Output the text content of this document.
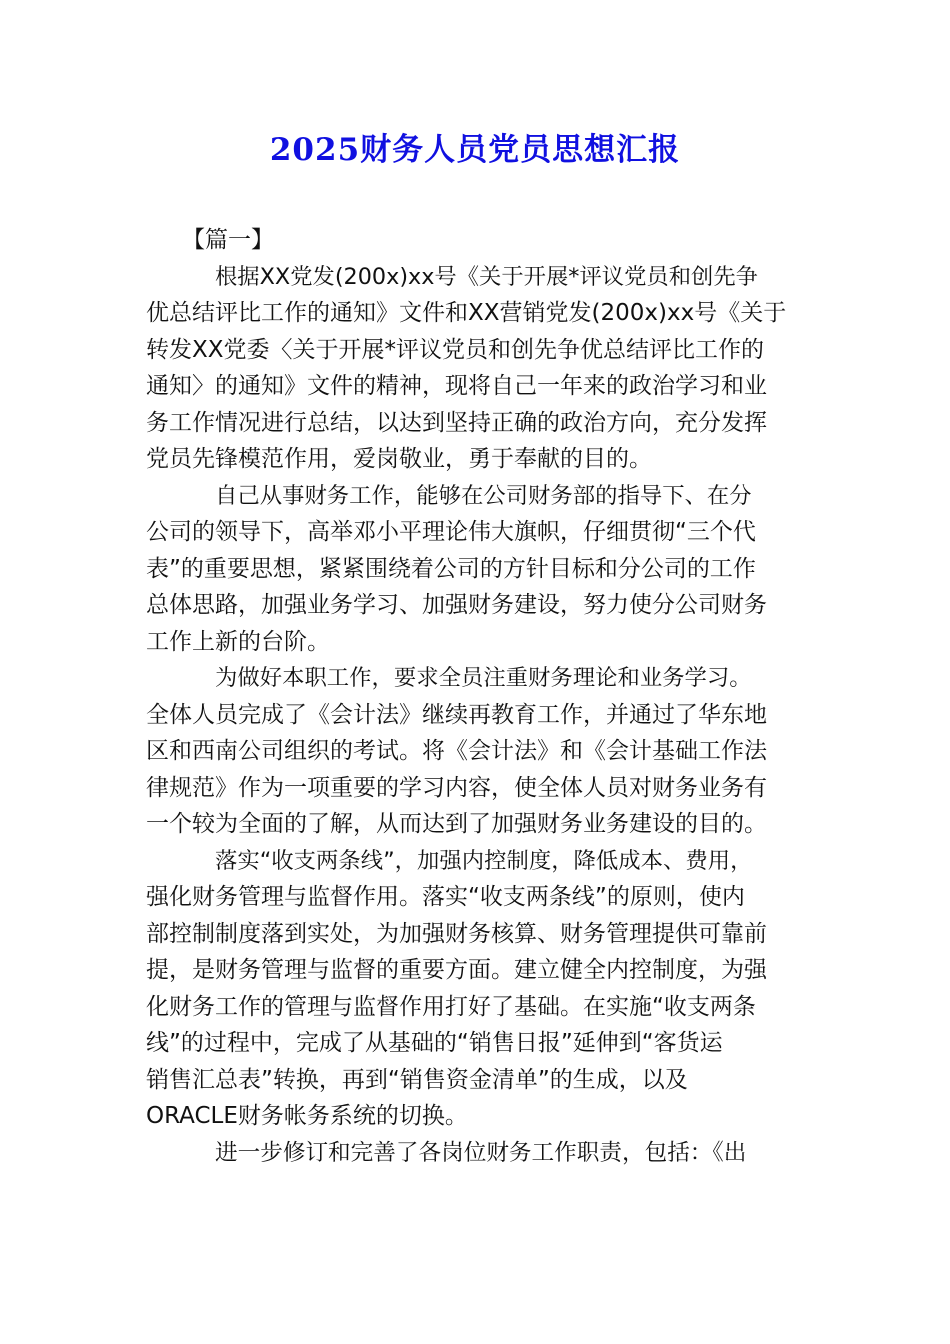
2025财务人员党员思想汇报

【篇一】

根据XX党发(200x)xx号《关于开展*评议党员和创先争
优总结评比工作的通知》文件和XX营销党发(200x)xx号《关于
转发XX党委〈关于开展*评议党员和创先争优总结评比工作的
通知〉的通知》文件的精神，现将自己一年来的政治学习和业
务工作情况进行总结，以达到坚持正确的政治方向，充分发挥
党员先锋模范作用，爱岗敬业，勇于奉献的目的。

自己从事财务工作，能够在公司财务部的指导下、在分
公司的领导下，高举邓小平理论伟大旗帜，仔细贯彻“三个代
表”的重要思想，紧紧围绕着公司的方针目标和分公司的工作
总体思路，加强业务学习、加强财务建设，努力使分公司财务
工作上新的台阶。

为做好本职工作，要求全员注重财务理论和业务学习。
全体人员完成了《会计法》继续再教育工作，并通过了华东地
区和西南公司组织的考试。将《会计法》和《会计基础工作法
律规范》作为一项重要的学习内容，使全体人员对财务业务有
一个较为全面的了解，从而达到了加强财务业务建设的目的。

落实“收支两条线”，加强内控制度，降低成本、费用，
强化财务管理与监督作用。落实“收支两条线”的原则，使内
部控制制度落到实处，为加强财务核算、财务管理提供可靠前
提，是财务管理与监督的重要方面。建立健全内控制度，为强
化财务工作的管理与监督作用打好了基础。在实施“收支两条
线”的过程中，完成了从基础的“销售日报”延伸到“客货运
销售汇总表”转换，再到“销售资金清单”的生成，以及
ORACLE财务帐务系统的切换。

进一步修订和完善了各岗位财务工作职责，包括：《出
